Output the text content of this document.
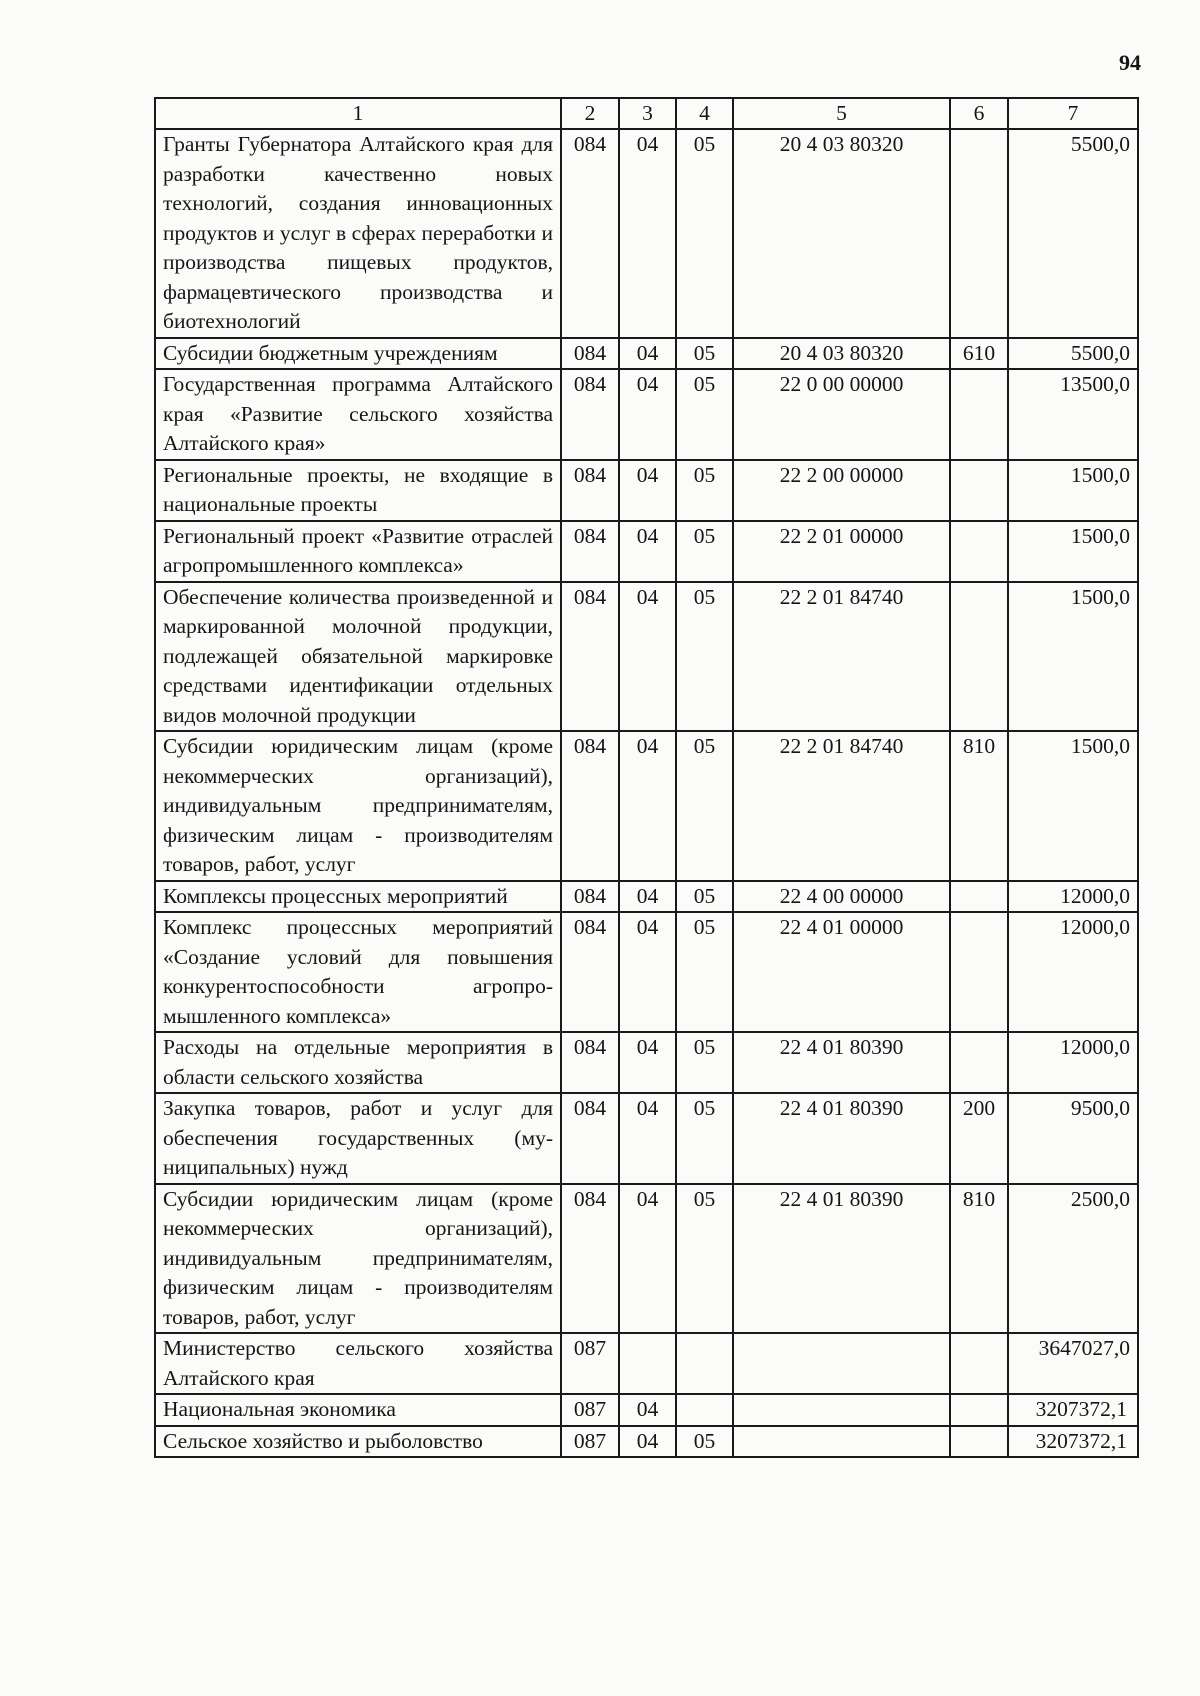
94
1	2	3	4	5	6	7
Гранты Губернатора Алтайского края для разработки качественно новых технологий, создания инновационных продуктов и услуг в сферах переработки и производства пищевых продуктов, фармацевтического производства и биотехнологий	084	04	05	20 4 03 80320		5500,0
Субсидии бюджетным учреждениям	084	04	05	20 4 03 80320	610	5500,0
Государственная программа Алтайского края «Развитие сельского хозяйства Алтайского края»	084	04	05	22 0 00 00000		13500,0
Региональные проекты, не входящие в национальные проекты	084	04	05	22 2 00 00000		1500,0
Региональный проект «Развитие отраслей агропромышленного комплекса»	084	04	05	22 2 01 00000		1500,0
Обеспечение количества произведенной и маркированной молочной продукции, подлежащей обязательной маркировке средствами идентификации отдельных видов молочной продукции	084	04	05	22 2 01 84740		1500,0
Субсидии юридическим лицам (кроме некоммерческих организаций), индивидуальным предпринимателям, физическим лицам - производителям товаров, работ, услуг	084	04	05	22 2 01 84740	810	1500,0
Комплексы процессных мероприятий	084	04	05	22 4 00 00000		12000,0
Комплекс процессных мероприятий «Создание условий для повышения конкурентоспособности агропромышленного комплекса»	084	04	05	22 4 01 00000		12000,0
Расходы на отдельные мероприятия в области сельского хозяйства	084	04	05	22 4 01 80390		12000,0
Закупка товаров, работ и услуг для обеспечения государственных (муниципальных) нужд	084	04	05	22 4 01 80390	200	9500,0
Субсидии юридическим лицам (кроме некоммерческих организаций), индивидуальным предпринимателям, физическим лицам - производителям товаров, работ, услуг	084	04	05	22 4 01 80390	810	2500,0
Министерство сельского хозяйства Алтайского края	087					3647027,0
Национальная экономика	087	04				3207372,1
Сельское хозяйство и рыболовство	087	04	05			3207372,1
